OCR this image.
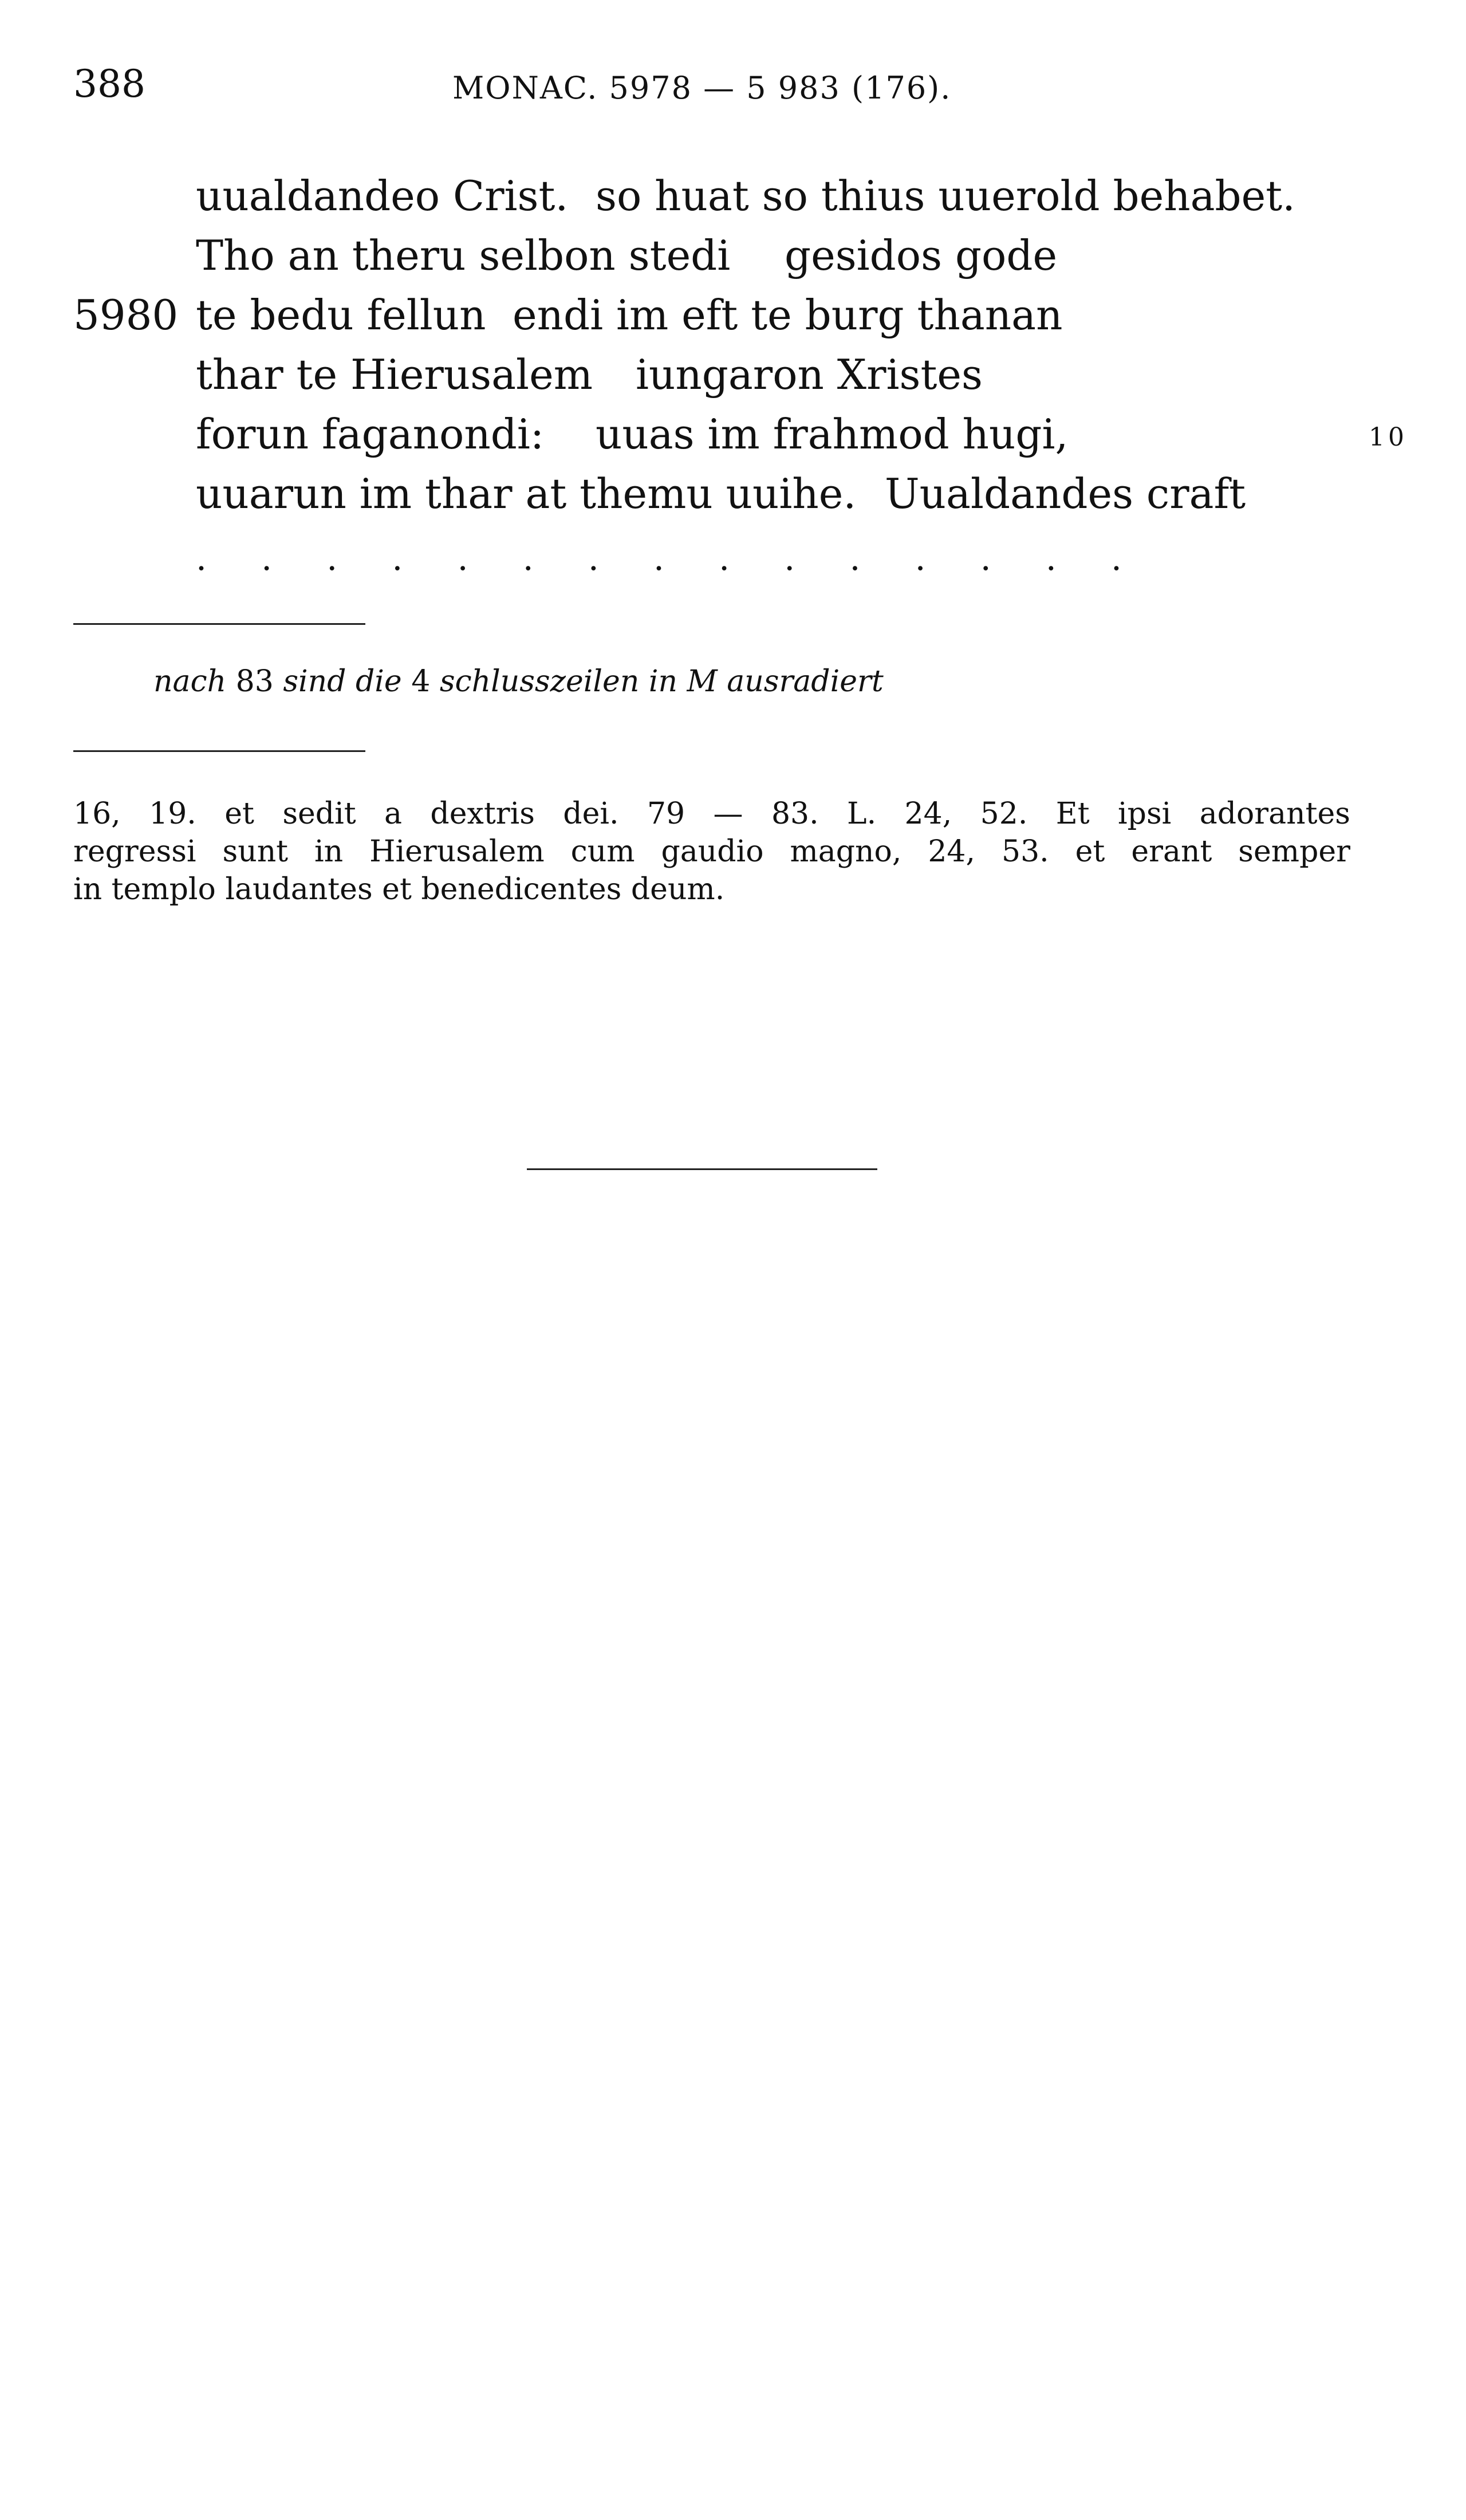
388	MONAC. 5978 — 5 983 (176).
uualdandeo Crist. so huat so thius uuerold behabet.
Tho an theru selbon stedi gesidos gode
5980 te bedu fellun endi im eft te burg thanan
thar te Hierusalem iungaron Xristes
forun faganondi: uuas im frahmod hugi,	10
uuarun im thar at themu uuihe. Uualdandes craft
· · · · · · · · · · · · · · ·
nach 83 sind die 4 schlusszeilen in M ausradiert

16, 19. et sedit a dextris dei. 79 — 83. L. 24, 52. Et ipsi adorantes

regressi sunt in Hierusalem cum gaudio magno, 24, 53. et erant semper

in templo laudantes et benedicentes deum.
